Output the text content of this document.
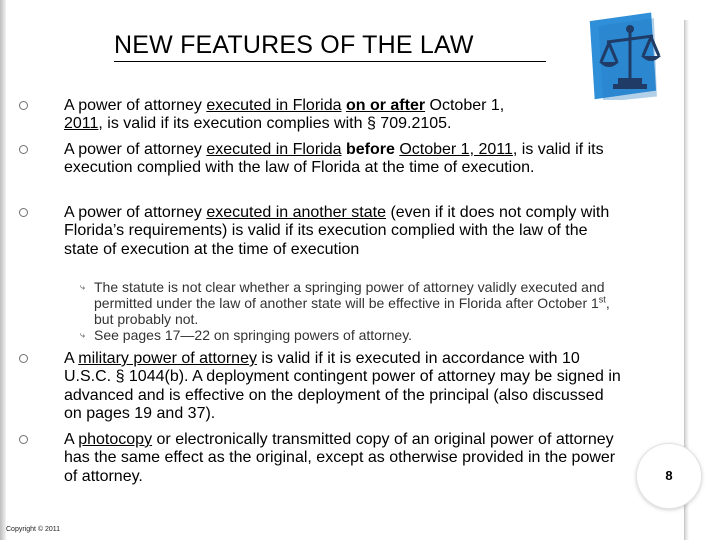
NEW FEATURES OF THE LAW
A power of attorney executed in Florida on or after October 1,
2011, is valid if its execution complies with § 709.2105.
A power of attorney executed in Florida before October 1, 2011, is valid if its execution complied with the law of Florida at the time of execution.
A power of attorney executed in another state (even if it does not comply with Florida’s requirements) is valid if its execution complied with the law of the state of execution at the time of execution
⤷ The statute is not clear whether a springing power of attorney validly executed and permitted under the law of another state will be effective in Florida after October 1st, but probably not.
⤷ See pages 17—22 on springing powers of attorney.
A military power of attorney is valid if it is executed in accordance with 10 U.S.C. § 1044(b). A deployment contingent power of attorney may be signed in advanced and is effective on the deployment of the principal (also discussed on pages 19 and 37).
A photocopy or electronically transmitted copy of an original power of attorney has the same effect as the original, except as otherwise provided in the power of attorney.	8
Copyright © 2011
